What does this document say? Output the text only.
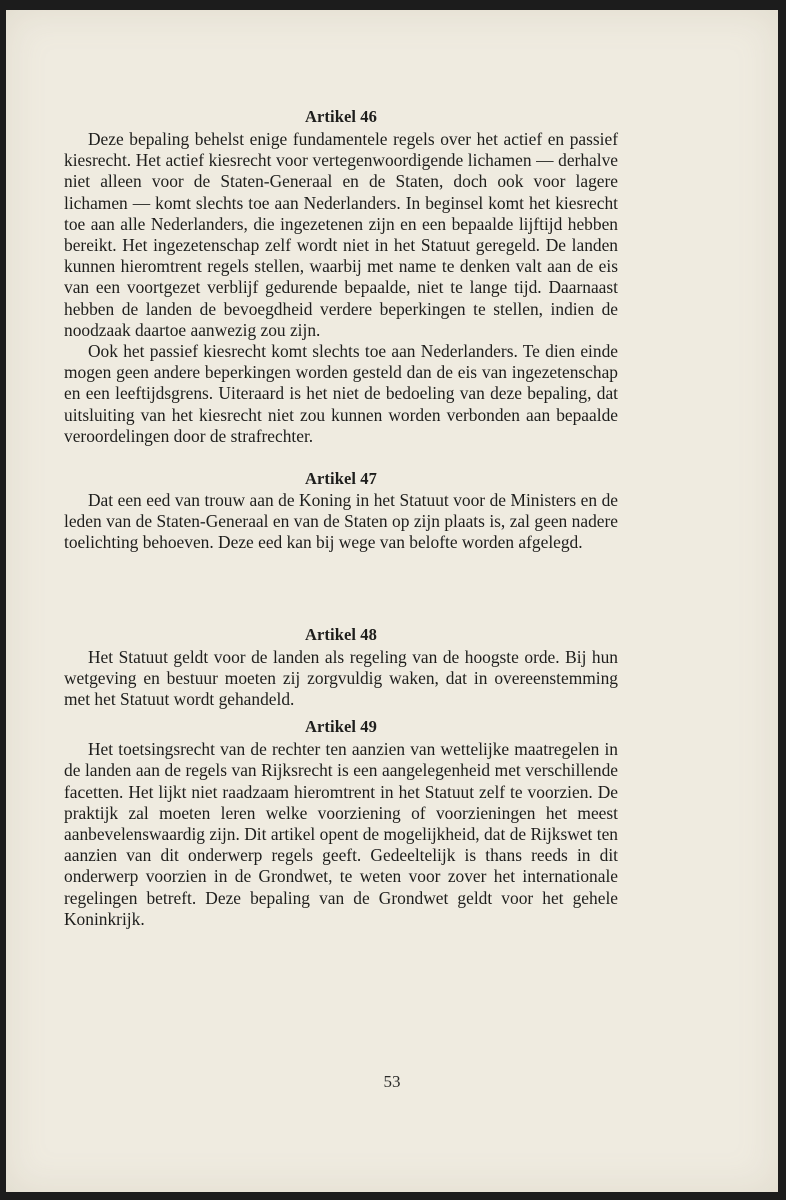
Artikel 46

Deze bepaling behelst enige fundamentele regels over het actief en passief kiesrecht. Het actief kiesrecht voor vertegenwoordigende lichamen — derhalve niet alleen voor de Staten-Generaal en de Staten, doch ook voor lagere lichamen — komt slechts toe aan Nederlanders. In beginsel komt het kiesrecht toe aan alle Nederlanders, die ingezetenen zijn en een bepaalde lijftijd hebben bereikt. Het ingezetenschap zelf wordt niet in het Statuut geregeld. De landen kunnen hieromtrent regels stellen, waarbij met name te denken valt aan de eis van een voortgezet verblijf gedurende bepaalde, niet te lange tijd. Daarnaast hebben de landen de bevoegdheid verdere beperkingen te stellen, indien de noodzaak daartoe aanwezig zou zijn.

Ook het passief kiesrecht komt slechts toe aan Nederlanders. Te dien einde mogen geen andere beperkingen worden gesteld dan de eis van ingezetenschap en een leeftijdsgrens. Uiteraard is het niet de bedoeling van deze bepaling, dat uitsluiting van het kiesrecht niet zou kunnen worden verbonden aan bepaalde veroordelingen door de strafrechter.

Artikel 47

Dat een eed van trouw aan de Koning in het Statuut voor de Ministers en de leden van de Staten-Generaal en van de Staten op zijn plaats is, zal geen nadere toelichting behoeven. Deze eed kan bij wege van belofte worden afgelegd.

Artikel 48

Het Statuut geldt voor de landen als regeling van de hoogste orde. Bij hun wetgeving en bestuur moeten zij zorgvuldig waken, dat in overeenstemming met het Statuut wordt gehandeld.

Artikel 49

Het toetsingsrecht van de rechter ten aanzien van wettelijke maatregelen in de landen aan de regels van Rijksrecht is een aangelegenheid met verschillende facetten. Het lijkt niet raadzaam hieromtrent in het Statuut zelf te voorzien. De praktijk zal moeten leren welke voorziening of voorzieningen het meest aanbevelenswaardig zijn. Dit artikel opent de mogelijkheid, dat de Rijkswet ten aanzien van dit onderwerp regels geeft. Gedeeltelijk is thans reeds in dit onderwerp voorzien in de Grondwet, te weten voor zover het internationale regelingen betreft. Deze bepaling van de Grondwet geldt voor het gehele Koninkrijk.

53
